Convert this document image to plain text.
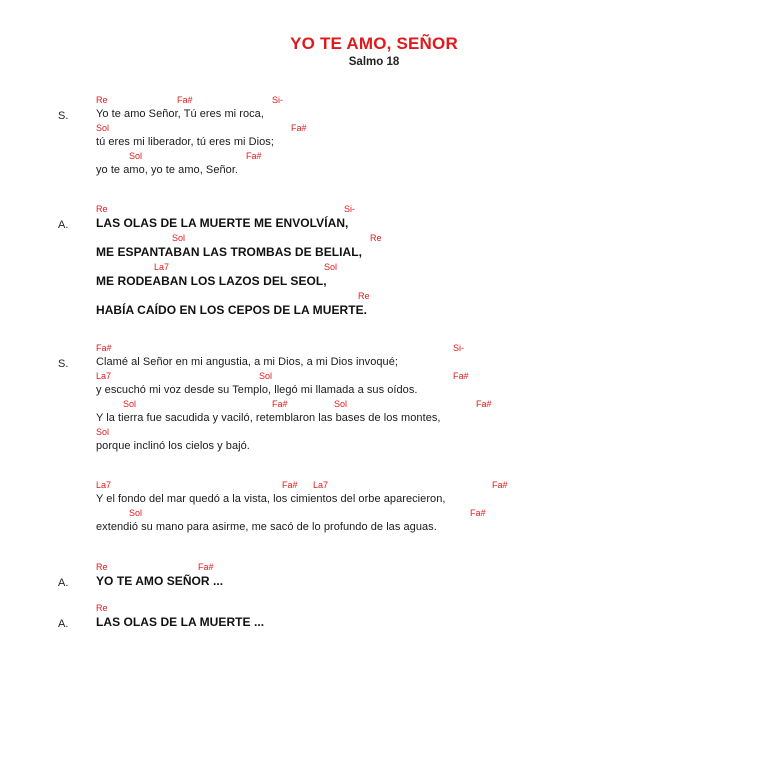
YO TE AMO, SEÑOR
Salmo 18
S.
Re	Fa#	Si-
Yo te amo Señor, Tú eres mi roca,
Sol	Fa#
tú eres mi liberador, tú eres mi Dios;
Sol	Fa#
yo te amo, yo te amo, Señor.
A.
Re	Si-
LAS OLAS DE LA MUERTE ME ENVOLVÍAN,
Sol	Re
ME ESPANTABAN LAS TROMBAS DE BELIAL,
La7	Sol
ME RODEABAN LOS LAZOS DEL SEOL,
Re
HABÍA CAÍDO EN LOS CEPOS DE LA MUERTE.
S.
Fa#	Si-
Clamé al Señor en mi angustia, a mi Dios, a mi Dios invoqué;
La7	Sol	Fa#
y escuchó mi voz desde su Templo, llegó mi llamada a sus oídos.
Sol	Fa#	Sol	Fa#
Y la tierra fue sacudida y vaciló, retemblaron las bases de los montes,
Sol
porque inclinó los cielos y bajó.
La7	Fa# La7	Fa#
Y el fondo del mar quedó a la vista, los cimientos del orbe aparecieron,
Sol	Fa#
extendió su mano para asirme, me sacó de lo profundo de las aguas.
A.
Re	Fa#
YO TE AMO SEÑOR ...
A.
Re
LAS OLAS DE LA MUERTE ...
